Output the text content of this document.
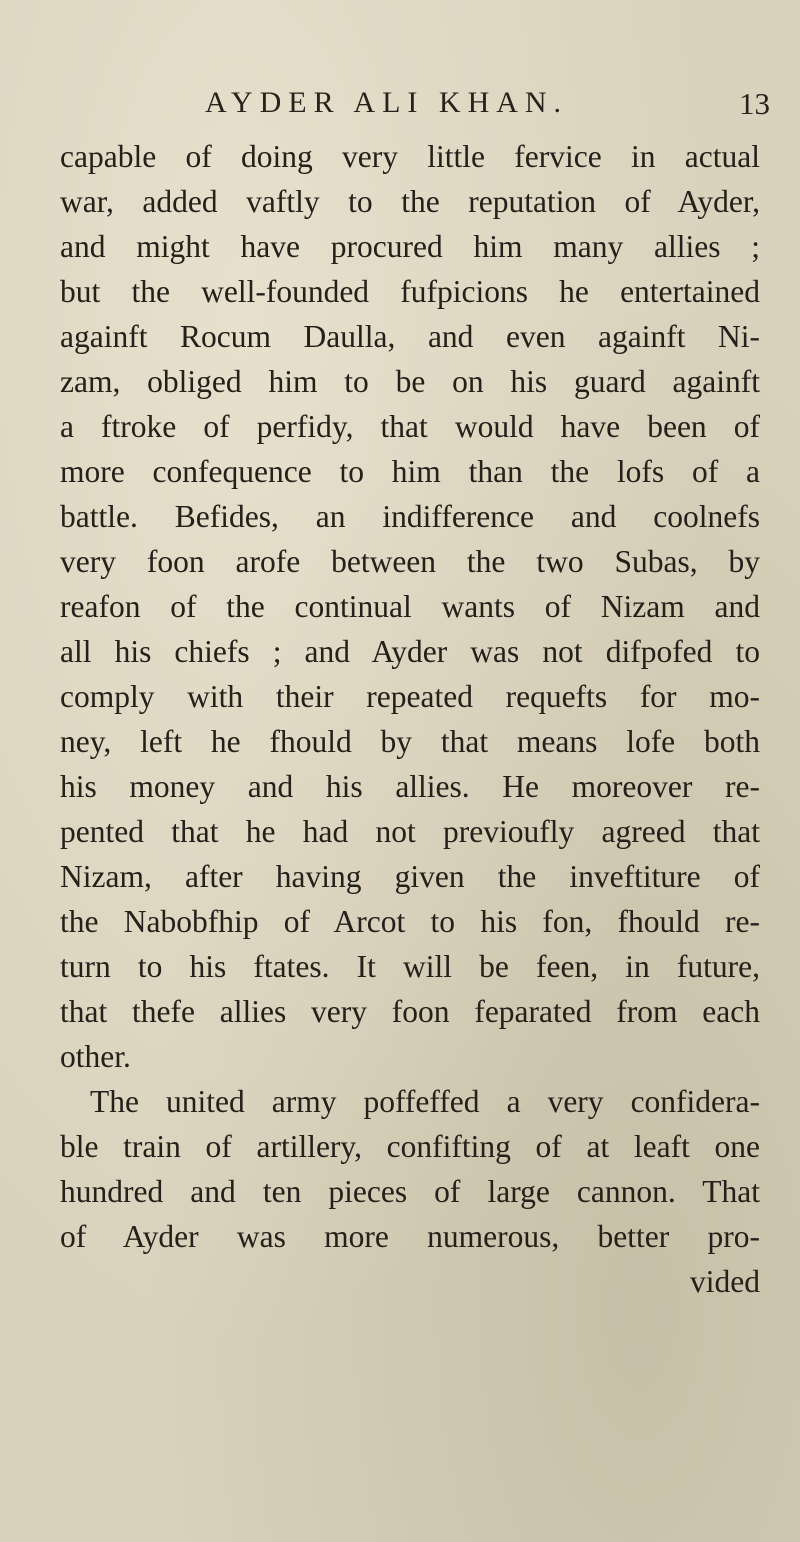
AYDER ALI KHAN.	13
capable of doing very little fervice in actual
war, added vaftly to the reputation of Ayder,
and might have procured him many allies ;
but the well-founded fufpicions he entertained
againft Rocum Daulla, and even againft Ni-
zam, obliged him to be on his guard againft
a ftroke of perfidy, that would have been of
more confequence to him than the lofs of a
battle. Befides, an indifference and coolnefs
very foon arofe between the two Subas, by
reafon of the continual wants of Nizam and
all his chiefs ; and Ayder was not difpofed to
comply with their repeated requefts for mo-
ney, left he fhould by that means lofe both
his money and his allies. He moreover re-
pented that he had not previoufly agreed that
Nizam, after having given the inveftiture of
the Nabobfhip of Arcot to his fon, fhould re-
turn to his ftates. It will be feen, in future,
that thefe allies very foon feparated from each
other.
The united army poffeffed a very confidera-
ble train of artillery, confifting of at leaft one
hundred and ten pieces of large cannon. That
of Ayder was more numerous, better pro-
vided
